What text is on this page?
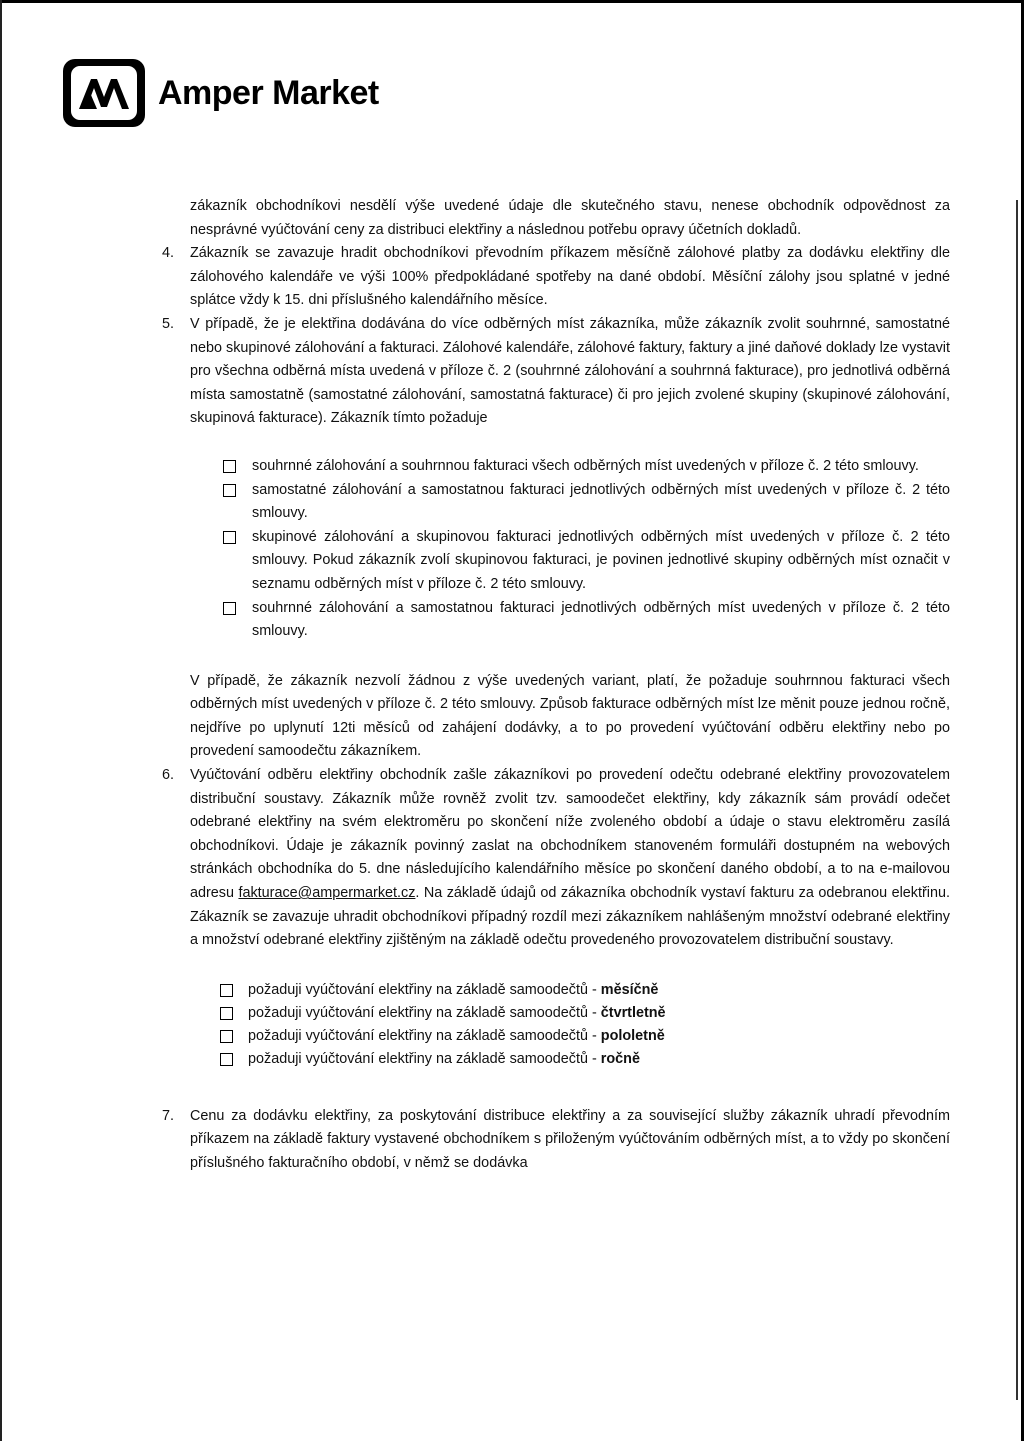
Amper Market

zákazník obchodníkovi nesdělí výše uvedené údaje dle skutečného stavu, nenese obchodník odpovědnost za nesprávné vyúčtování ceny za distribuci elektřiny a následnou potřebu opravy účetních dokladů.

4. Zákazník se zavazuje hradit obchodníkovi převodním příkazem měsíčně zálohové platby za dodávku elektřiny dle zálohového kalendáře ve výši 100% předpokládané spotřeby na dané období. Měsíční zálohy jsou splatné v jedné splátce vždy k 15. dni příslušného kalendářního měsíce.

5. V případě, že je elektřina dodávána do více odběrných míst zákazníka, může zákazník zvolit souhrnné, samostatné nebo skupinové zálohování a fakturaci. Zálohové kalendáře, zálohové faktury, faktury a jiné daňové doklady lze vystavit pro všechna odběrná místa uvedená v příloze č. 2 (souhrnné zálohování a souhrnná fakturace), pro jednotlivá odběrná místa samostatně (samostatné zálohování, samostatná fakturace) či pro jejich zvolené skupiny (skupinové zálohování, skupinová fakturace). Zákazník tímto požaduje

souhrnné zálohování a souhrnnou fakturaci všech odběrných míst uvedených v příloze č. 2 této smlouvy.
samostatné zálohování a samostatnou fakturaci jednotlivých odběrných míst uvedených v příloze č. 2 této smlouvy.
skupinové zálohování a skupinovou fakturaci jednotlivých odběrných míst uvedených v příloze č. 2 této smlouvy. Pokud zákazník zvolí skupinovou fakturaci, je povinen jednotlivé skupiny odběrných míst označit v seznamu odběrných míst v příloze č. 2 této smlouvy.
souhrnné zálohování a samostatnou fakturaci jednotlivých odběrných míst uvedených v příloze č. 2 této smlouvy.

V případě, že zákazník nezvolí žádnou z výše uvedených variant, platí, že požaduje souhrnnou fakturaci všech odběrných míst uvedených v příloze č. 2 této smlouvy. Způsob fakturace odběrných míst lze měnit pouze jednou ročně, nejdříve po uplynutí 12ti měsíců od zahájení dodávky, a to po provedení vyúčtování odběru elektřiny nebo po provedení samoodečtu zákazníkem.

6. Vyúčtování odběru elektřiny obchodník zašle zákazníkovi po provedení odečtu odebrané elektřiny provozovatelem distribuční soustavy. Zákazník může rovněž zvolit tzv. samoodečet elektřiny, kdy zákazník sám provádí odečet odebrané elektřiny na svém elektroměru po skončení níže zvoleného období a údaje o stavu elektroměru zasílá obchodníkovi. Údaje je zákazník povinný zaslat na obchodníkem stanoveném formuláři dostupném na webových stránkách obchodníka do 5. dne následujícího kalendářního měsíce po skončení daného období, a to na e-mailovou adresu fakturace@ampermarket.cz. Na základě údajů od zákazníka obchodník vystaví fakturu za odebranou elektřinu. Zákazník se zavazuje uhradit obchodníkovi případný rozdíl mezi zákazníkem nahlášeným množství odebrané elektřiny a množství odebrané elektřiny zjištěným na základě odečtu provedeného provozovatelem distribuční soustavy.

požaduji vyúčtování elektřiny na základě samoodečtů - měsíčně
požaduji vyúčtování elektřiny na základě samoodečtů - čtvrtletně
požaduji vyúčtování elektřiny na základě samoodečtů - pololetně
požaduji vyúčtování elektřiny na základě samoodečtů - ročně
7. Cenu za dodávku elektřiny, za poskytování distribuce elektřiny a za související služby zákazník uhradí převodním příkazem na základě faktury vystavené obchodníkem s přiloženým vyúčtováním odběrných míst, a to vždy po skončení příslušného fakturačního období, v němž se dodávka
